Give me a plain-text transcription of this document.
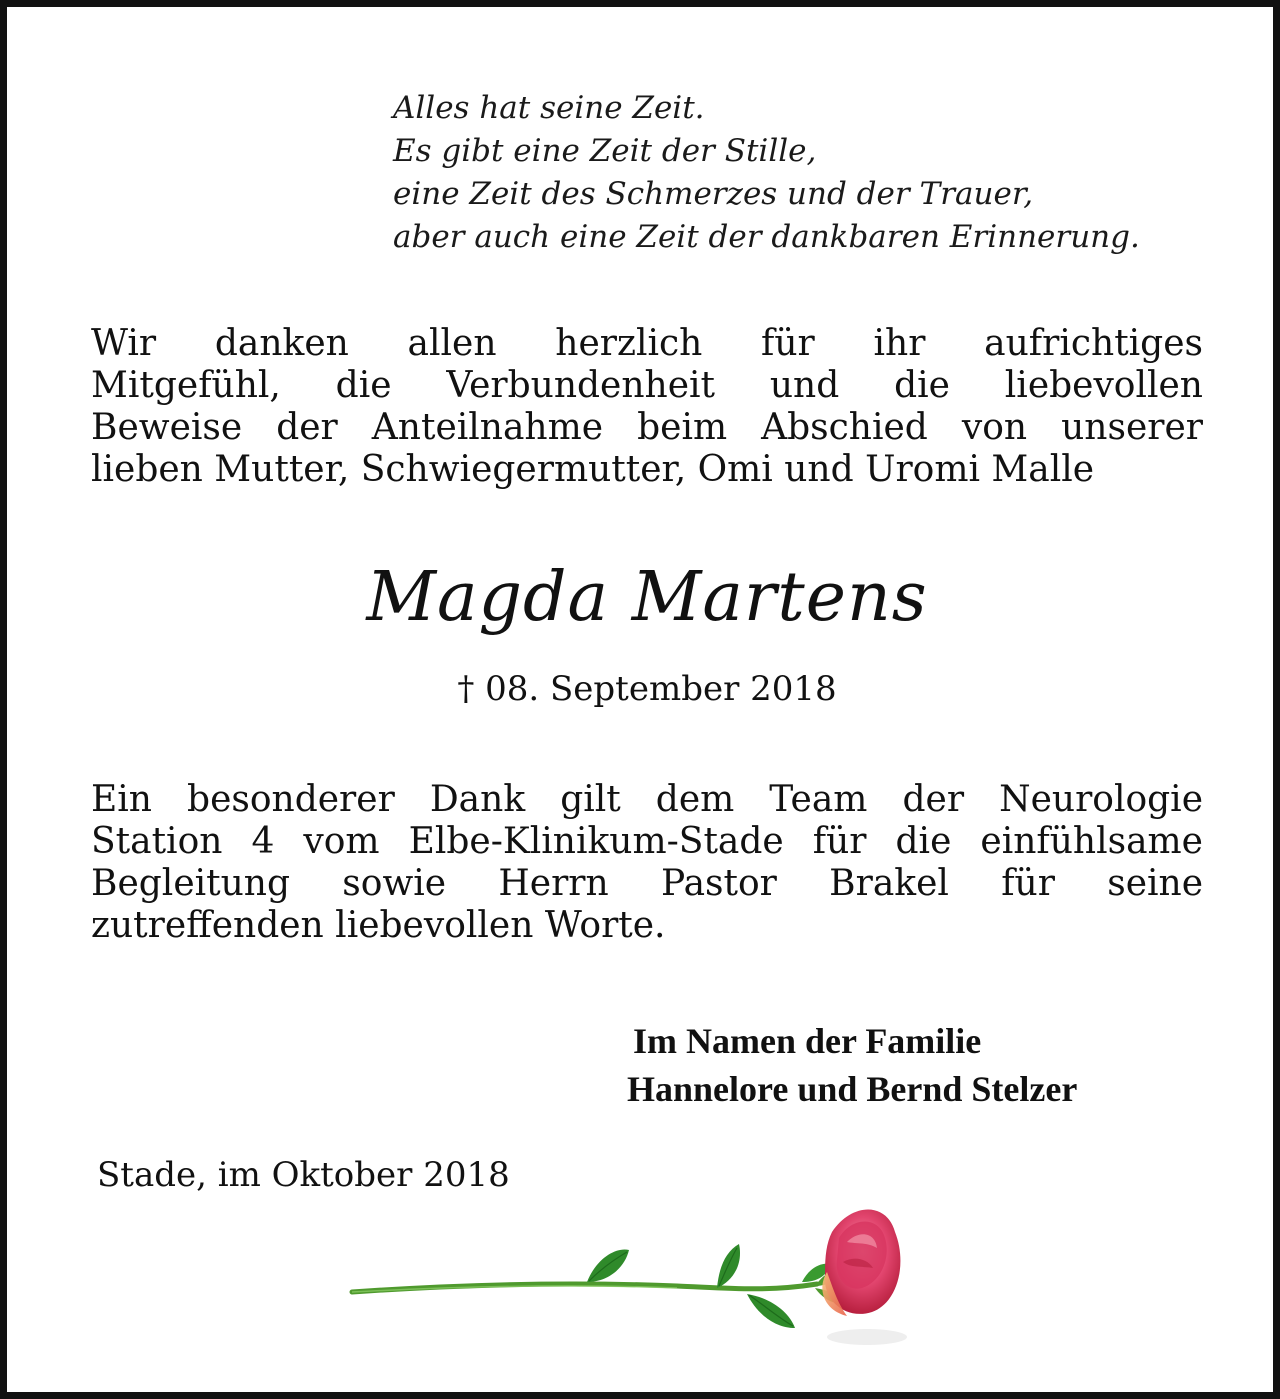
Alles hat seine Zeit.
Es gibt eine Zeit der Stille,
eine Zeit des Schmerzes und der Trauer,
aber auch eine Zeit der dankbaren Erinnerung.
Wir danken allen herzlich für ihr aufrichtiges
Mitgefühl, die Verbundenheit und die liebevollen
Beweise der Anteilnahme beim Abschied von unserer
lieben Mutter, Schwiegermutter, Omi und Uromi Malle
Magda Martens
† 08. September 2018
Ein besonderer Dank gilt dem Team der Neurologie
Station 4 vom Elbe-Klinikum-Stade für die einfühlsame
Begleitung sowie Herrn Pastor Brakel für seine
zutreffenden liebevollen Worte.
Im Namen der Familie
Hannelore und Bernd Stelzer
Stade, im Oktober 2018
